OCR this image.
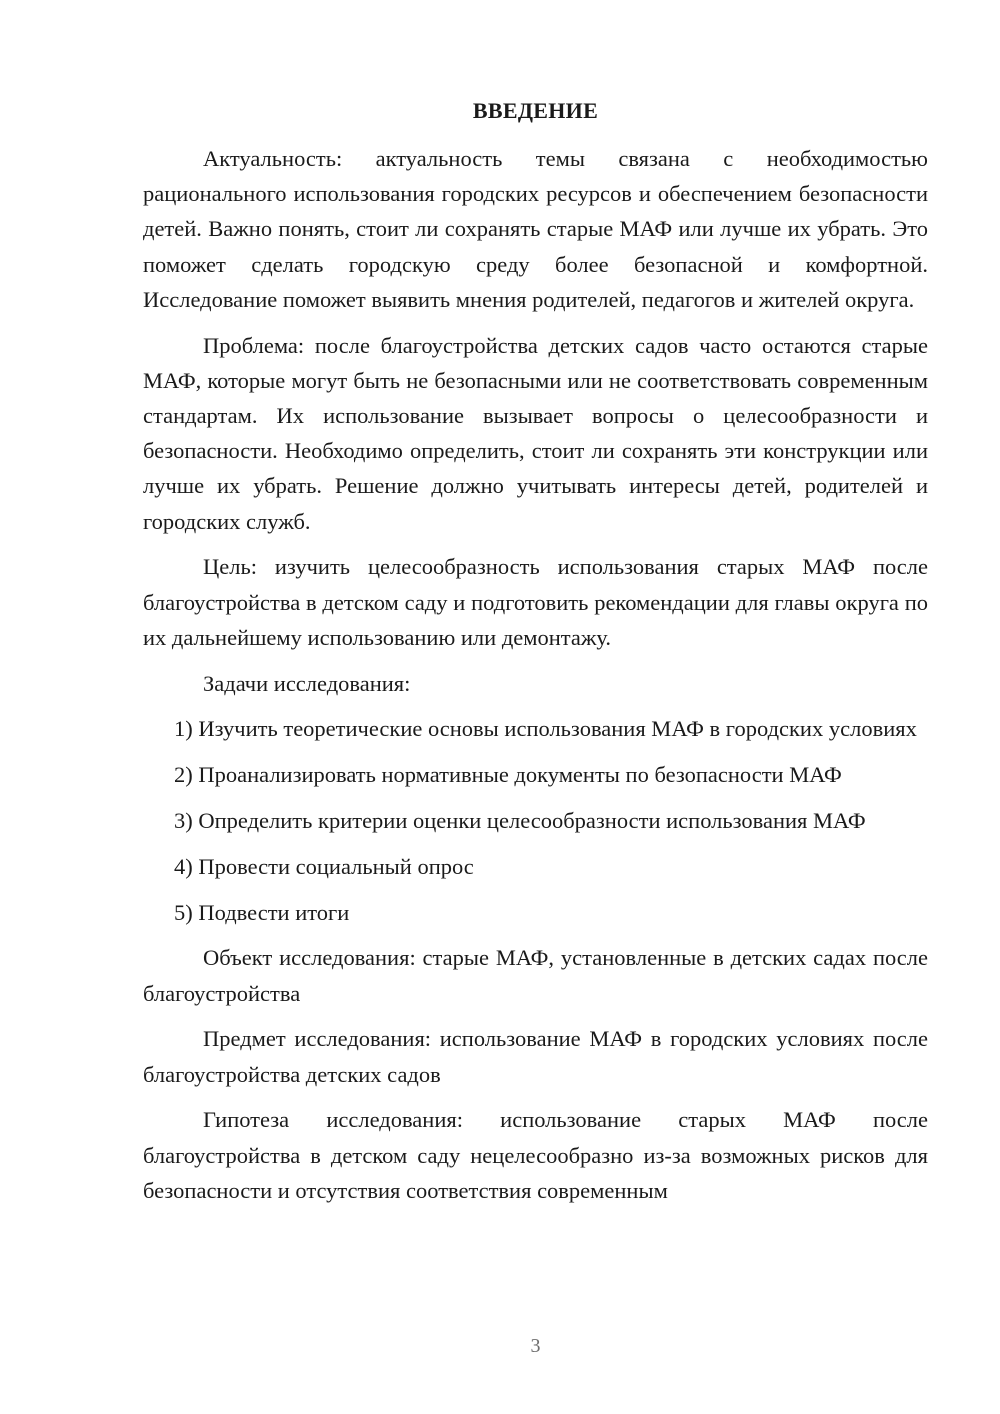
ВВЕДЕНИЕ

Актуальность: актуальность темы связана с необходимостью рационального использования городских ресурсов и обеспечением безопасности детей. Важно понять, стоит ли сохранять старые МАФ или лучше их убрать. Это поможет сделать городскую среду более безопасной и комфортной. Исследование поможет выявить мнения родителей, педагогов и жителей округа.

Проблема: после благоустройства детских садов часто остаются старые МАФ, которые могут быть не безопасными или не соответствовать современным стандартам. Их использование вызывает вопросы о целесообразности и безопасности. Необходимо определить, стоит ли сохранять эти конструкции или лучше их убрать. Решение должно учитывать интересы детей, родителей и городских служб.

Цель: изучить целесообразность использования старых МАФ после благоустройства в детском саду и подготовить рекомендации для главы округа по их дальнейшему использованию или демонтажу.

Задачи исследования:

1) Изучить теоретические основы использования МАФ в городских условиях

2) Проанализировать нормативные документы по безопасности МАФ

3) Определить критерии оценки целесообразности использования МАФ

4) Провести социальный опрос

5) Подвести итоги

Объект исследования: старые МАФ, установленные в детских садах после благоустройства

Предмет исследования: использование МАФ в городских условиях после благоустройства детских садов

Гипотеза исследования: использование старых МАФ после благоустройства в детском саду нецелесообразно из-за возможных рисков для безопасности и отсутствия соответствия современным

3
